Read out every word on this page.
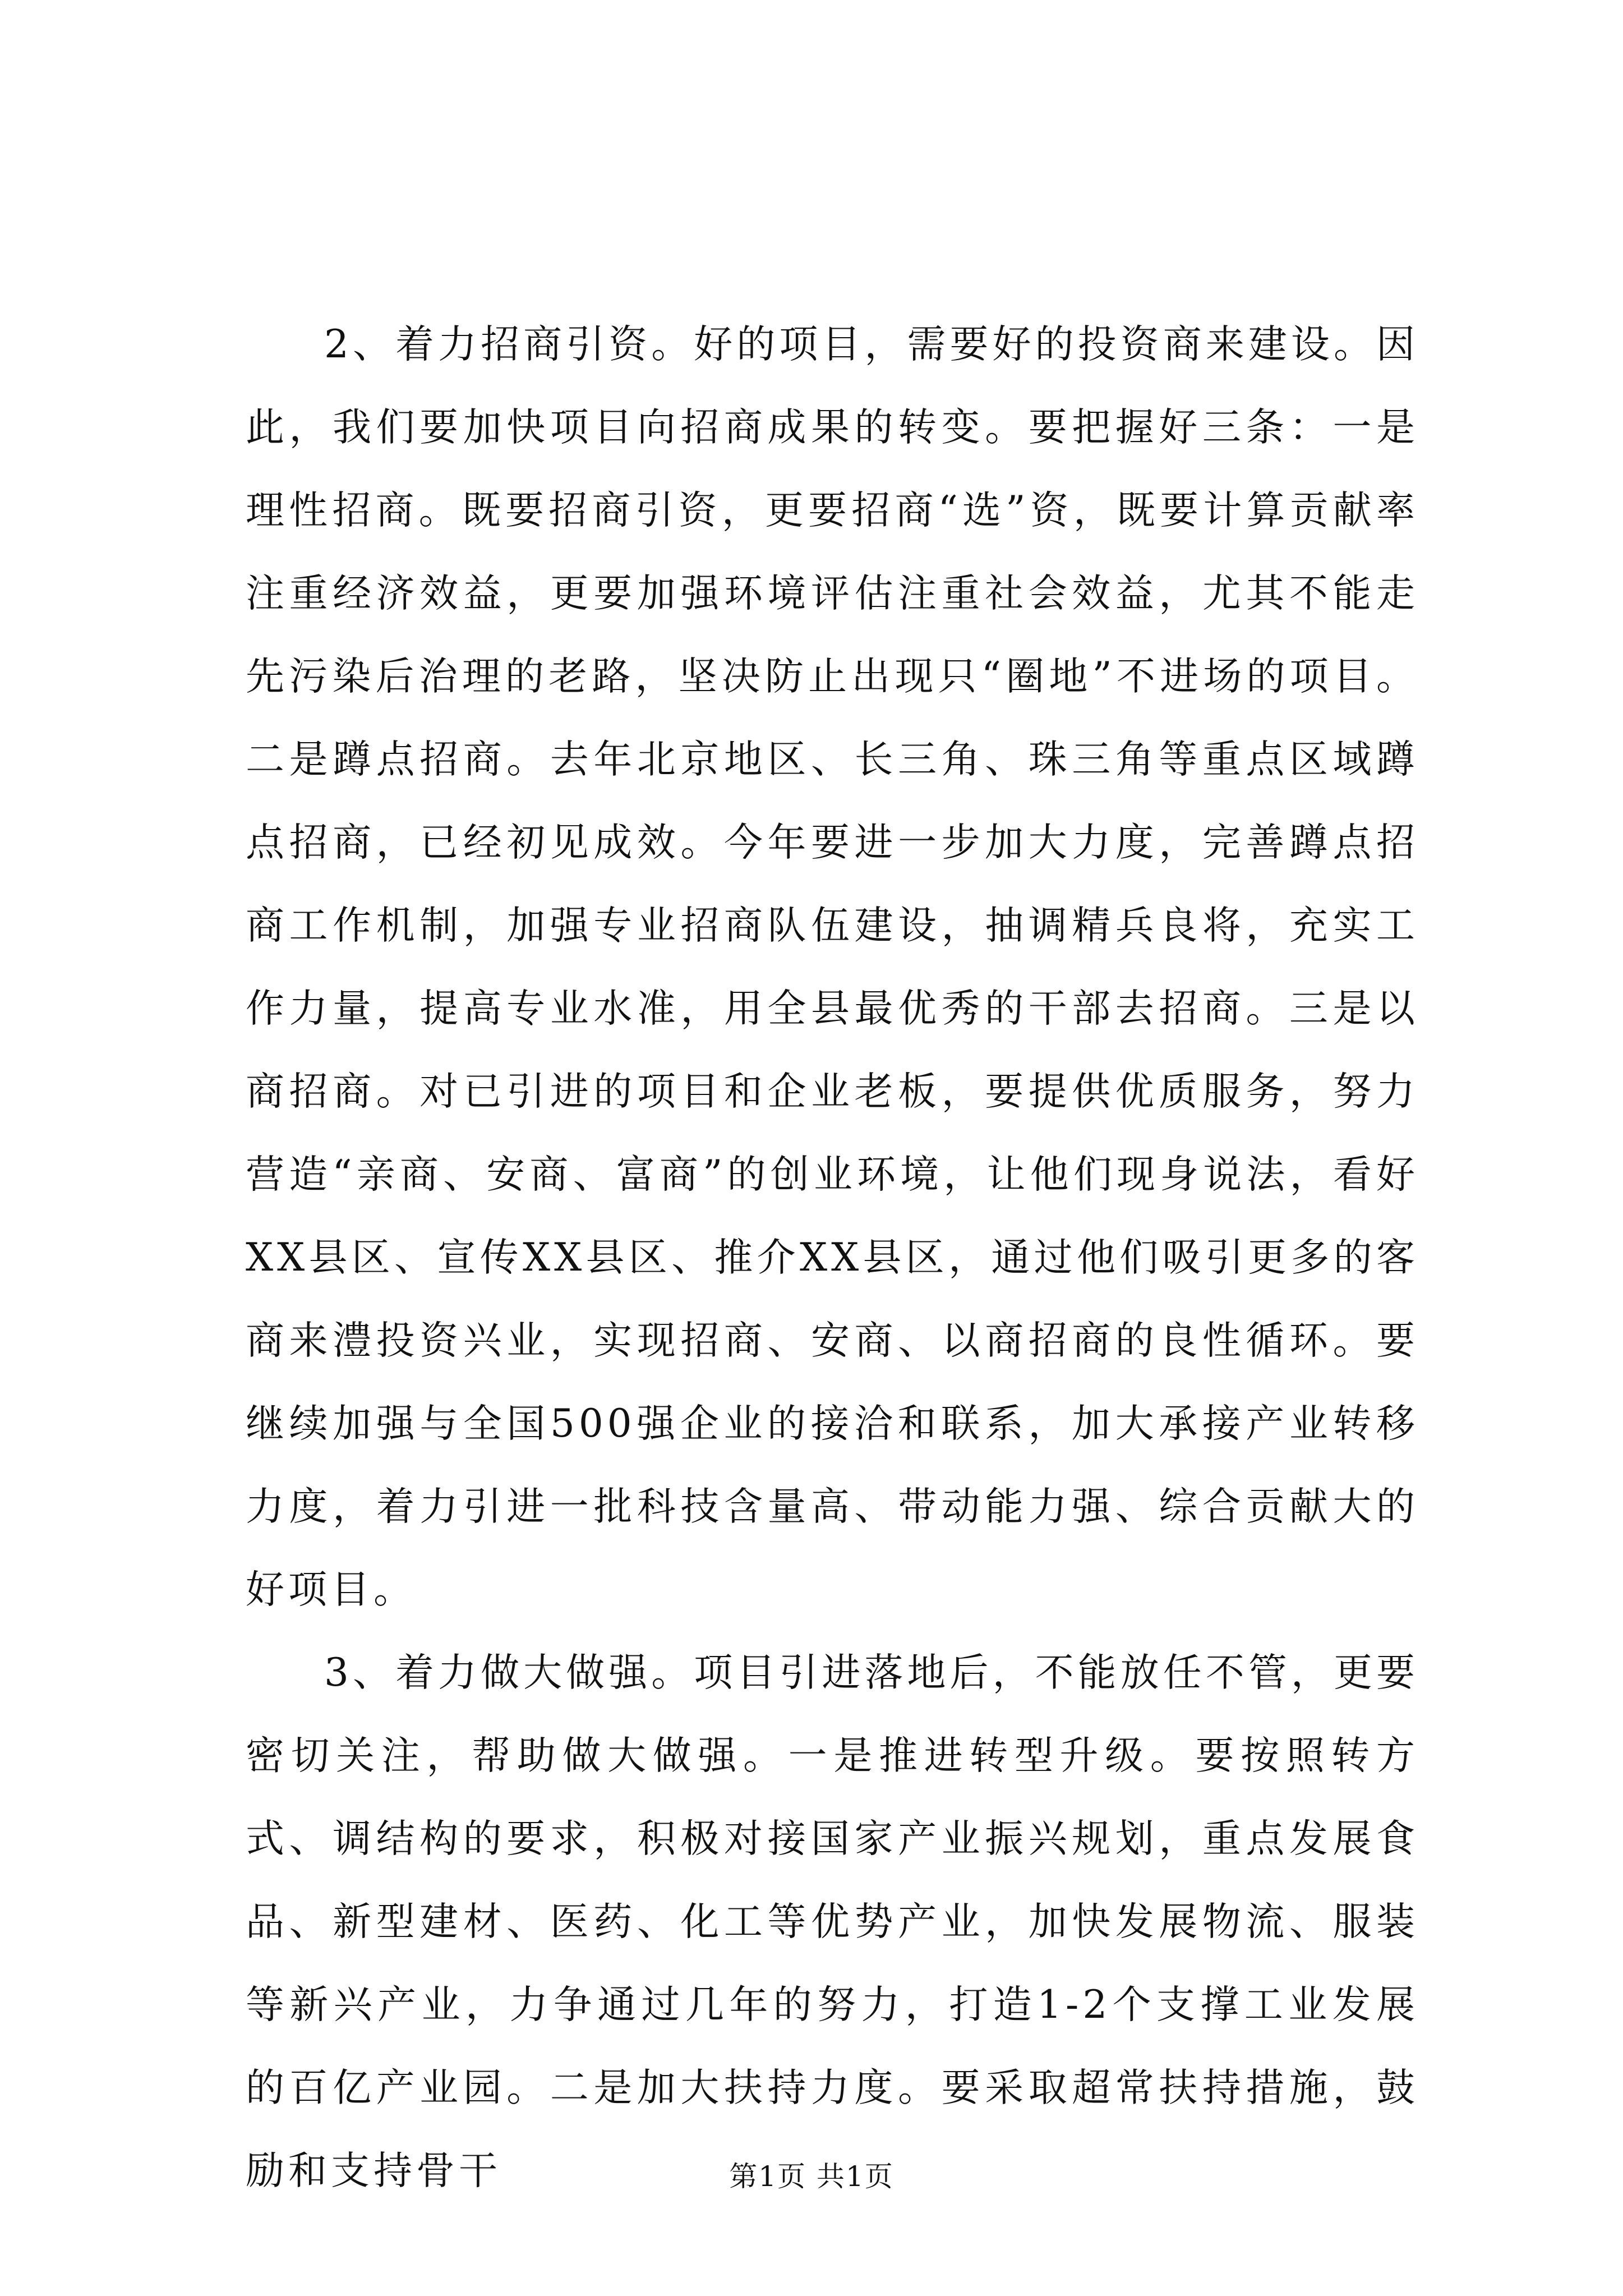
2、着力招商引资。好的项目，需要好的投资商来建设。因此，我们要加快项目向招商成果的转变。要把握好三条：一是理性招商。既要招商引资，更要招商“选”资，既要计算贡献率注重经济效益，更要加强环境评估注重社会效益，尤其不能走先污染后治理的老路，坚决防止出现只“圈地”不进场的项目。二是蹲点招商。去年北京地区、长三角、珠三角等重点区域蹲点招商，已经初见成效。今年要进一步加大力度，完善蹲点招商工作机制，加强专业招商队伍建设，抽调精兵良将，充实工作力量，提高专业水准，用全县最优秀的干部去招商。三是以商招商。对已引进的项目和企业老板，要提供优质服务，努力营造“亲商、安商、富商”的创业环境，让他们现身说法，看好XX县区、宣传XX县区、推介XX县区，通过他们吸引更多的客商来澧投资兴业，实现招商、安商、以商招商的良性循环。要继续加强与全国500强企业的接洽和联系，加大承接产业转移力度，着力引进一批科技含量高、带动能力强、综合贡献大的好项目。

3、着力做大做强。项目引进落地后，不能放任不管，更要密切关注，帮助做大做强。一是推进转型升级。要按照转方式、调结构的要求，积极对接国家产业振兴规划，重点发展食品、新型建材、医药、化工等优势产业，加快发展物流、服装等新兴产业，力争通过几年的努力，打造1-2个支撑工业发展的百亿产业园。二是加大扶持力度。要采取超常扶持措施，鼓励和支持骨干	第1页 共1页
